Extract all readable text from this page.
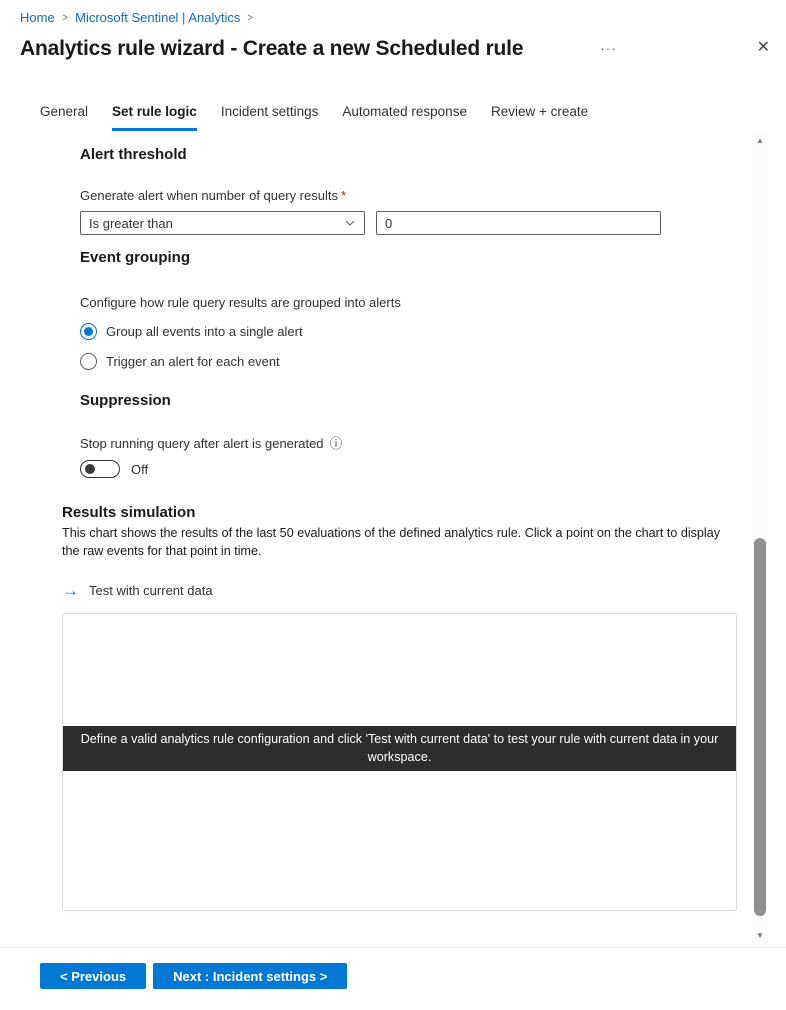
Home > Microsoft Sentinel | Analytics >
Analytics rule wizard - Create a new Scheduled rule	···	✕
General Set rule logic Incident settings Automated response Review + create
Alert threshold
Generate alert when number of query results *
Is greater than
0
Event grouping
Configure how rule query results are grouped into alerts
Group all events into a single alert
Trigger an alert for each event
Suppression
Stop running query after alert is generated ⓘ
Off
Results simulation

This chart shows the results of the last 50 evaluations of the defined analytics rule. Click a point on the chart to display the raw events for that point in time.

→ Test with current data
Define a valid analytics rule configuration and click 'Test with current data' to test your rule with current data in your workspace.
▲
▼
< Previous	Next : Incident settings >
